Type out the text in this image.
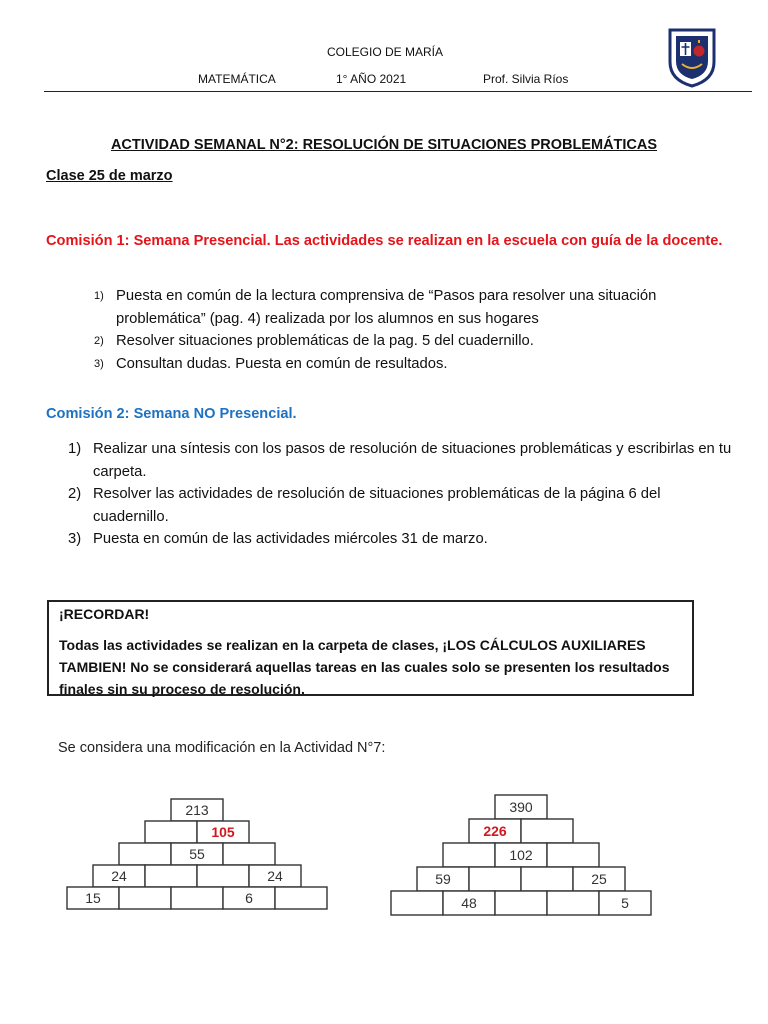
COLEGIO DE MARÍA
MATEMÁTICA	1° AÑO 2021	Prof. Silvia Ríos
ACTIVIDAD SEMANAL N°2: RESOLUCIÓN DE SITUACIONES PROBLEMÁTICAS
Clase 25 de marzo
Comisión 1: Semana Presencial. Las actividades se realizan en la escuela con guía de la docente.
1) Puesta en común de la lectura comprensiva de “Pasos para resolver una situación problemática” (pag. 4) realizada por los alumnos en sus hogares
2) Resolver situaciones problemáticas de la pag. 5 del cuadernillo.
3) Consultan dudas. Puesta en común de resultados.
Comisión 2: Semana NO Presencial.
1) Realizar una síntesis con los pasos de resolución de situaciones problemáticas y escribirlas en tu carpeta.
2) Resolver las actividades de resolución de situaciones problemáticas de la página 6 del cuadernillo.
3) Puesta en común de las actividades miércoles 31 de marzo.
¡RECORDAR!
Todas las actividades se realizan en la carpeta de clases, ¡LOS CÁLCULOS AUXILIARES TAMBIEN! No se considerará aquellas tareas en las cuales solo se presenten los resultados finales sin su proceso de resolución.
Se considera una modificación en la Actividad N°7:
213
105
55
24	24
15	6
390
226
102
59	25
48	5
